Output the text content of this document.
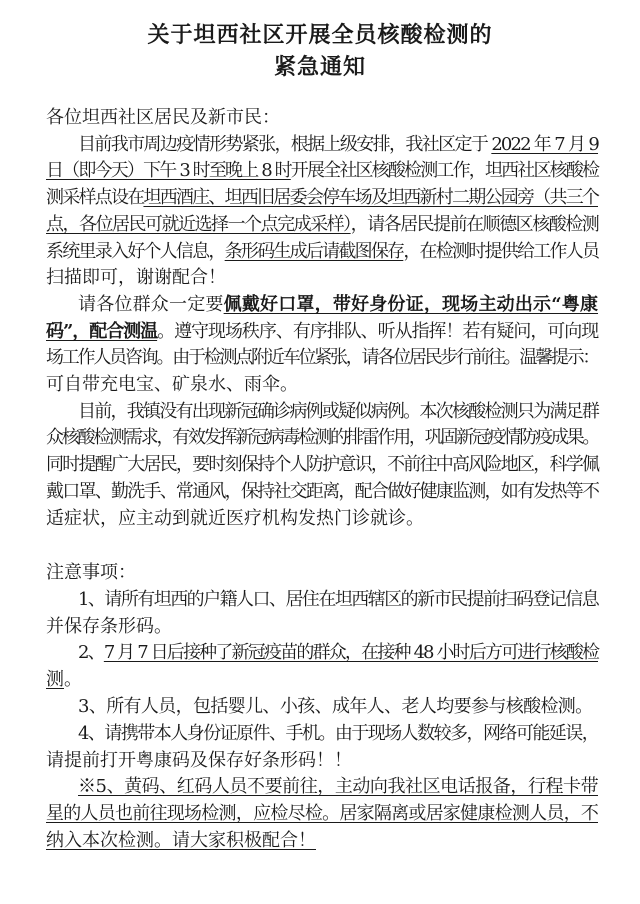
关于坦西社区开展全员核酸检测的
紧急通知
各位坦西社区居民及新市民：
目前我市周边疫情形势紧张，根据上级安排，我社区定于 2022 年 7 月 9
日（即今天）下午 3 时至晚上 8 时开展全社区核酸检测工作，坦西社区核酸检
测采样点设在坦西酒庄、坦西旧居委会停车场及坦西新村二期公园旁（共三个
点，各位居民可就近选择一个点完成采样），请各居民提前在顺德区核酸检测
系统里录入好个人信息，条形码生成后请截图保存，在检测时提供给工作人员
扫描即可，谢谢配合！
请各位群众一定要佩戴好口罩，带好身份证，现场主动出示“粤康
码”，配合测温。遵守现场秩序、有序排队、听从指挥！若有疑问，可向现
场工作人员咨询。由于检测点附近车位紧张，请各位居民步行前往。温馨提示：
可自带充电宝、矿泉水、雨伞。
目前，我镇没有出现新冠确诊病例或疑似病例。本次核酸检测只为满足群
众核酸检测需求，有效发挥新冠病毒检测的排雷作用，巩固新冠疫情防疫成果。
同时提醒广大居民，要时刻保持个人防护意识，不前往中高风险地区，科学佩
戴口罩、勤洗手、常通风，保持社交距离，配合做好健康监测，如有发热等不
适症状，应主动到就近医疗机构发热门诊就诊。
注意事项：
1、请所有坦西的户籍人口、居住在坦西辖区的新市民提前扫码登记信息
并保存条形码。
2、7 月 7 日后接种了新冠疫苗的群众，在接种 48 小时后方可进行核酸检
测。
3、所有人员，包括婴儿、小孩、成年人、老人均要参与核酸检测。
4、请携带本人身份证原件、手机。由于现场人数较多，网络可能延误，
请提前打开粤康码及保存好条形码！！
※5、黄码、红码人员不要前往，主动向我社区电话报备，行程卡带
星的人员也前往现场检测，应检尽检。居家隔离或居家健康检测人员，不
纳入本次检测。请大家积极配合！
